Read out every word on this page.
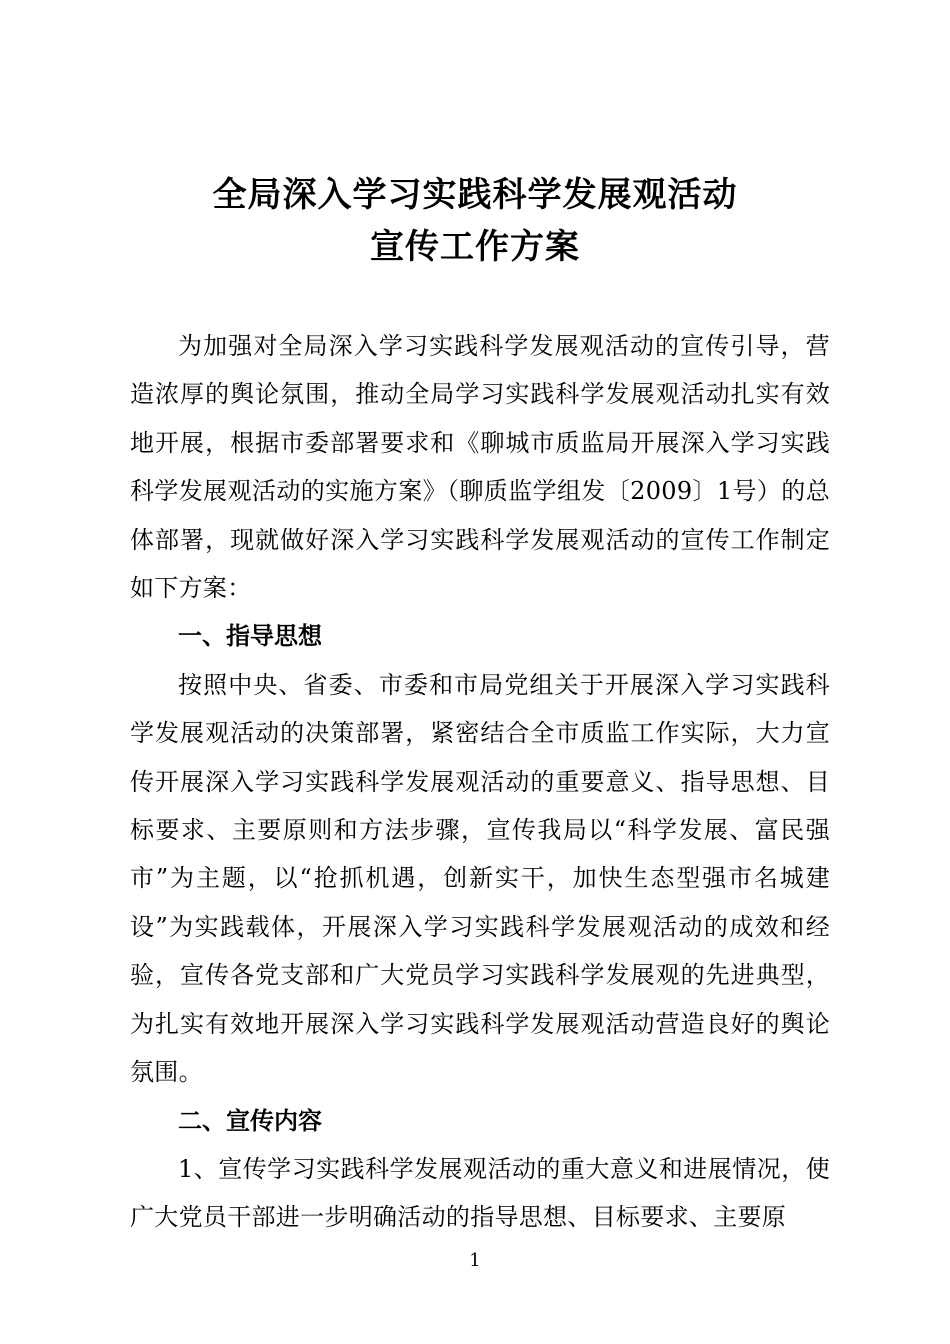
全局深入学习实践科学发展观活动
宣传工作方案

为加强对全局深入学习实践科学发展观活动的宣传引导，营造浓厚的舆论氛围，推动全局学习实践科学发展观活动扎实有效地开展，根据市委部署要求和《聊城市质监局开展深入学习实践科学发展观活动的实施方案》（聊质监学组发〔2009〕1号）的总体部署，现就做好深入学习实践科学发展观活动的宣传工作制定如下方案：

一、指导思想

按照中央、省委、市委和市局党组关于开展深入学习实践科学发展观活动的决策部署，紧密结合全市质监工作实际，大力宣传开展深入学习实践科学发展观活动的重要意义、指导思想、目标要求、主要原则和方法步骤，宣传我局以“科学发展、富民强市”为主题，以“抢抓机遇，创新实干，加快生态型强市名城建设”为实践载体，开展深入学习实践科学发展观活动的成效和经验，宣传各党支部和广大党员学习实践科学发展观的先进典型，为扎实有效地开展深入学习实践科学发展观活动营造良好的舆论氛围。

二、宣传内容

1、宣传学习实践科学发展观活动的重大意义和进展情况，使广大党员干部进一步明确活动的指导思想、目标要求、主要原

1
